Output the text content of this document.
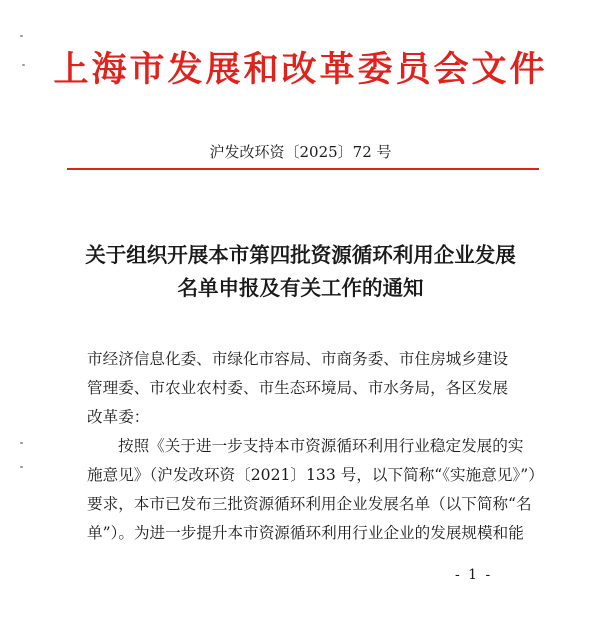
上海市发展和改革委员会文件
沪发改环资〔2025〕72 号
关于组织开展本市第四批资源循环利用企业发展
名单申报及有关工作的通知

市经济信息化委、市绿化市容局、市商务委、市住房城乡建设

管理委、市农业农村委、市生态环境局、市水务局，各区发展

改革委：

按照《关于进一步支持本市资源循环利用行业稳定发展的实

施意见》（沪发改环资〔2021〕133 号，以下简称“《实施意见》”）

要求，本市已发布三批资源循环利用企业发展名单（以下简称“名

单”）。为进一步提升本市资源循环利用行业企业的发展规模和能

- 1 -
